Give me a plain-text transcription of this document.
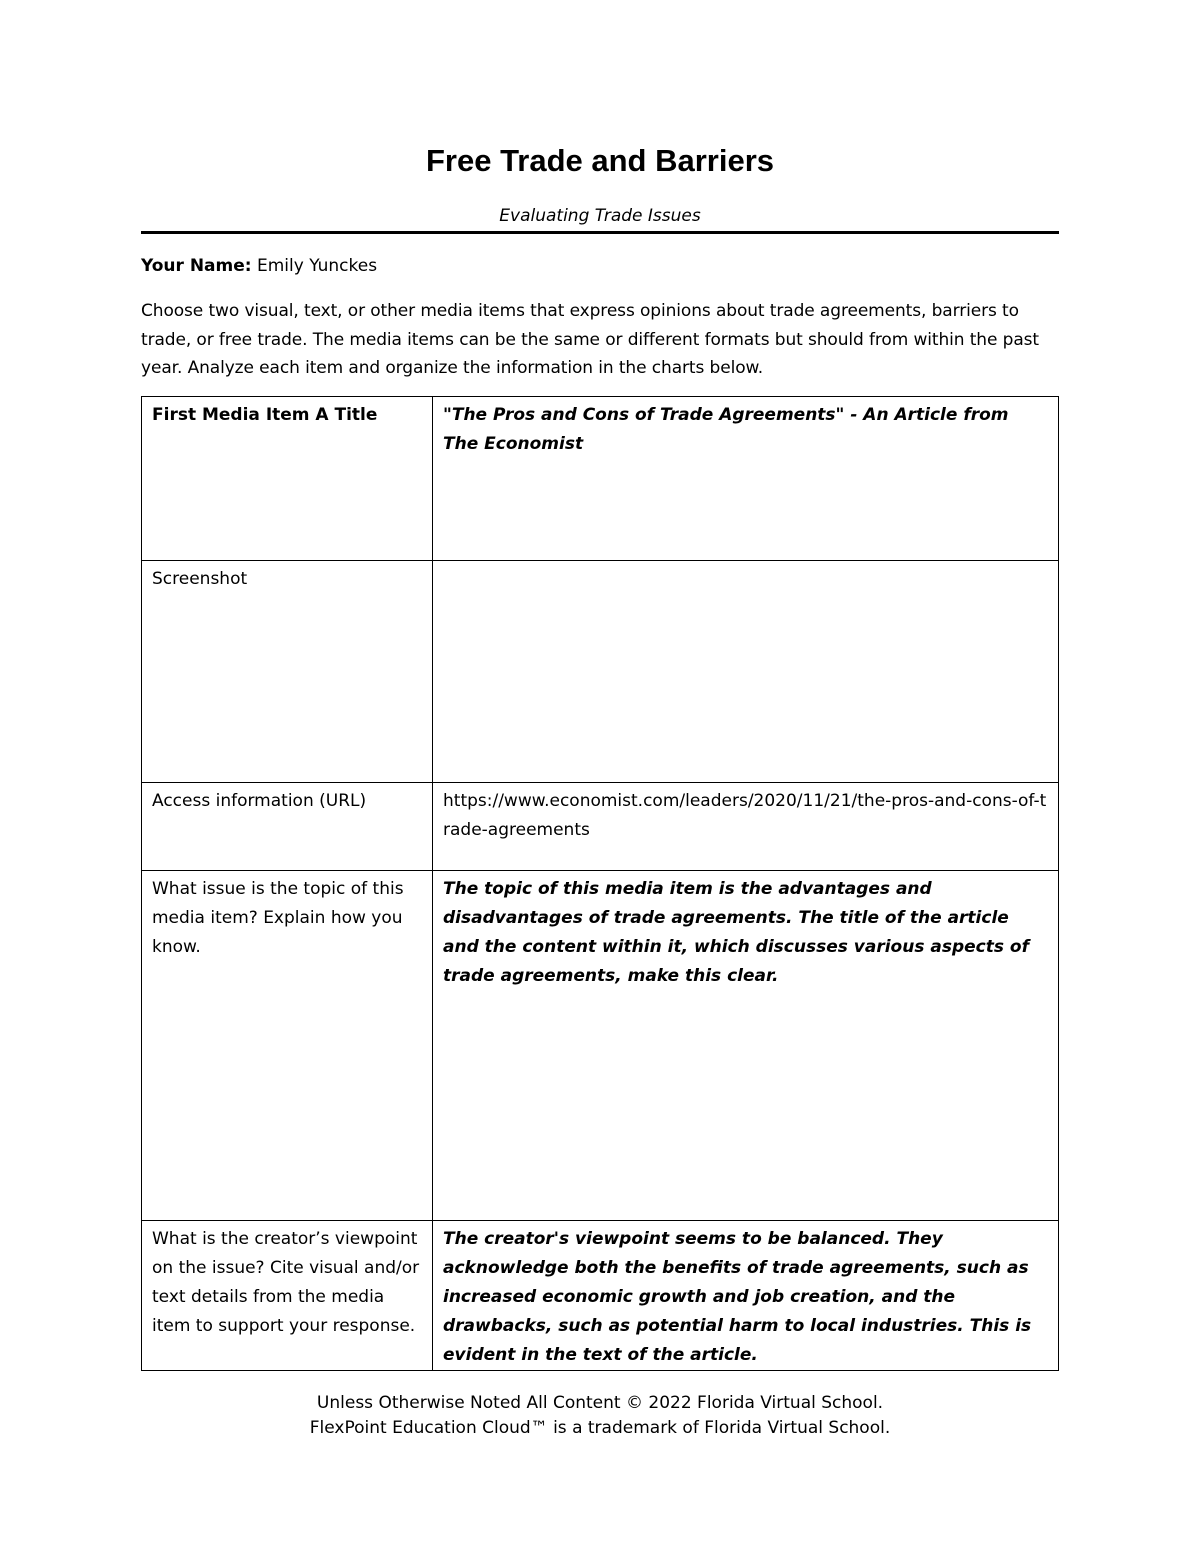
Free Trade and Barriers
Evaluating Trade Issues
Your Name: Emily Yunckes
Choose two visual, text, or other media items that express opinions about trade agreements, barriers to trade, or free trade. The media items can be the same or different formats but should from within the past year. Analyze each item and organize the information in the charts below.
First Media Item A Title	"The Pros and Cons of Trade Agreements" - An Article from The Economist
Screenshot	
Access information (URL)	https://www.economist.com/leaders/2020/11/21/the-pros-and-cons-of-trade-agreements
What issue is the topic of this media item? Explain how you know.	The topic of this media item is the advantages and disadvantages of trade agreements. The title of the article and the content within it, which discusses various aspects of trade agreements, make this clear.
What is the creator’s viewpoint on the issue? Cite visual and/or text details from the media item to support your response.	The creator's viewpoint seems to be balanced. They acknowledge both the benefits of trade agreements, such as increased economic growth and job creation, and the drawbacks, such as potential harm to local industries. This is evident in the text of the article.
Unless Otherwise Noted All Content © 2022 Florida Virtual School.
FlexPoint Education Cloud™ is a trademark of Florida Virtual School.
